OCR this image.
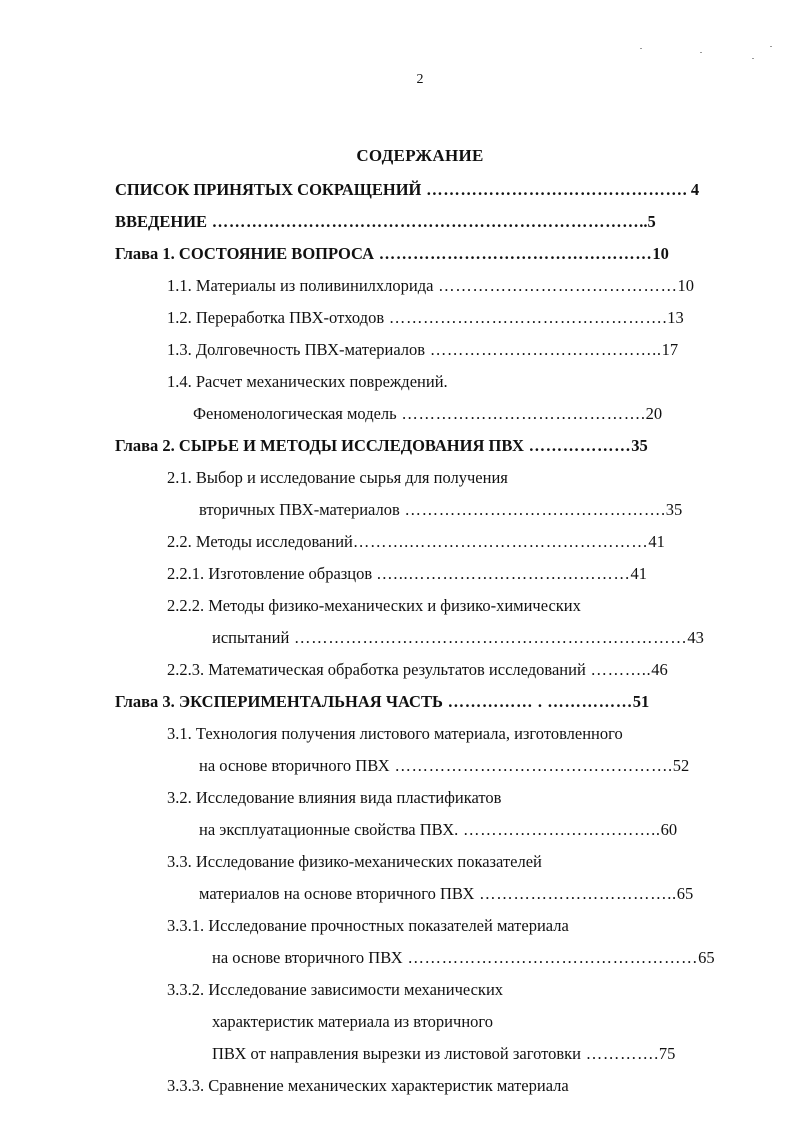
2
СОДЕРЖАНИЕ
СПИСОК ПРИНЯТЫХ СОКРАЩЕНИЙ ………………………………………. 4
ВВЕДЕНИЕ …………………………………………………………………..5
Глава 1. СОСТОЯНИЕ ВОПРОСА …………………………………………10
1.1. Материалы из поливинилхлорида ……………………………………10
1.2. Переработка ПВХ-отходов ………………………………………….13
1.3. Долговечность ПВХ-материалов …………………………………..17
1.4. Расчет механических повреждений.
Феноменологическая модель …………………………………….20
Глава 2. СЫРЬЕ И МЕТОДЫ ИССЛЕДОВАНИЯ ПВХ ………………35
2.1. Выбор и исследование сырья для получения
вторичных ПВХ-материалов ……………………………………….35
2.2. Методы исследований……….……………………………………41
2.2.1. Изготовление образцов .…..…………………………………41
2.2.2. Методы физико-механических и физико-химических
испытаний ……………………………………………………………43
2.2.3. Математическая обработка результатов исследований ………..46
Глава 3. ЭКСПЕРИМЕНТАЛЬНАЯ ЧАСТЬ …………… . ……………51
3.1. Технология получения листового материала, изготовленного
на основе вторичного ПВХ ………………………………………….52
3.2. Исследование влияния вида пластификатов
на эксплуатационные свойства ПВХ. ……………………………..60
3.3. Исследование физико-механических показателей
материалов на основе вторичного ПВХ ……………………………..65
3.3.1. Исследование прочностных показателей материала
на основе вторичного ПВХ ……………………………………………65
3.3.2. Исследование зависимости механических
характеристик материала из вторичного
ПВХ от направления вырезки из листовой заготовки ………….75
3.3.3. Сравнение механических характеристик материала
